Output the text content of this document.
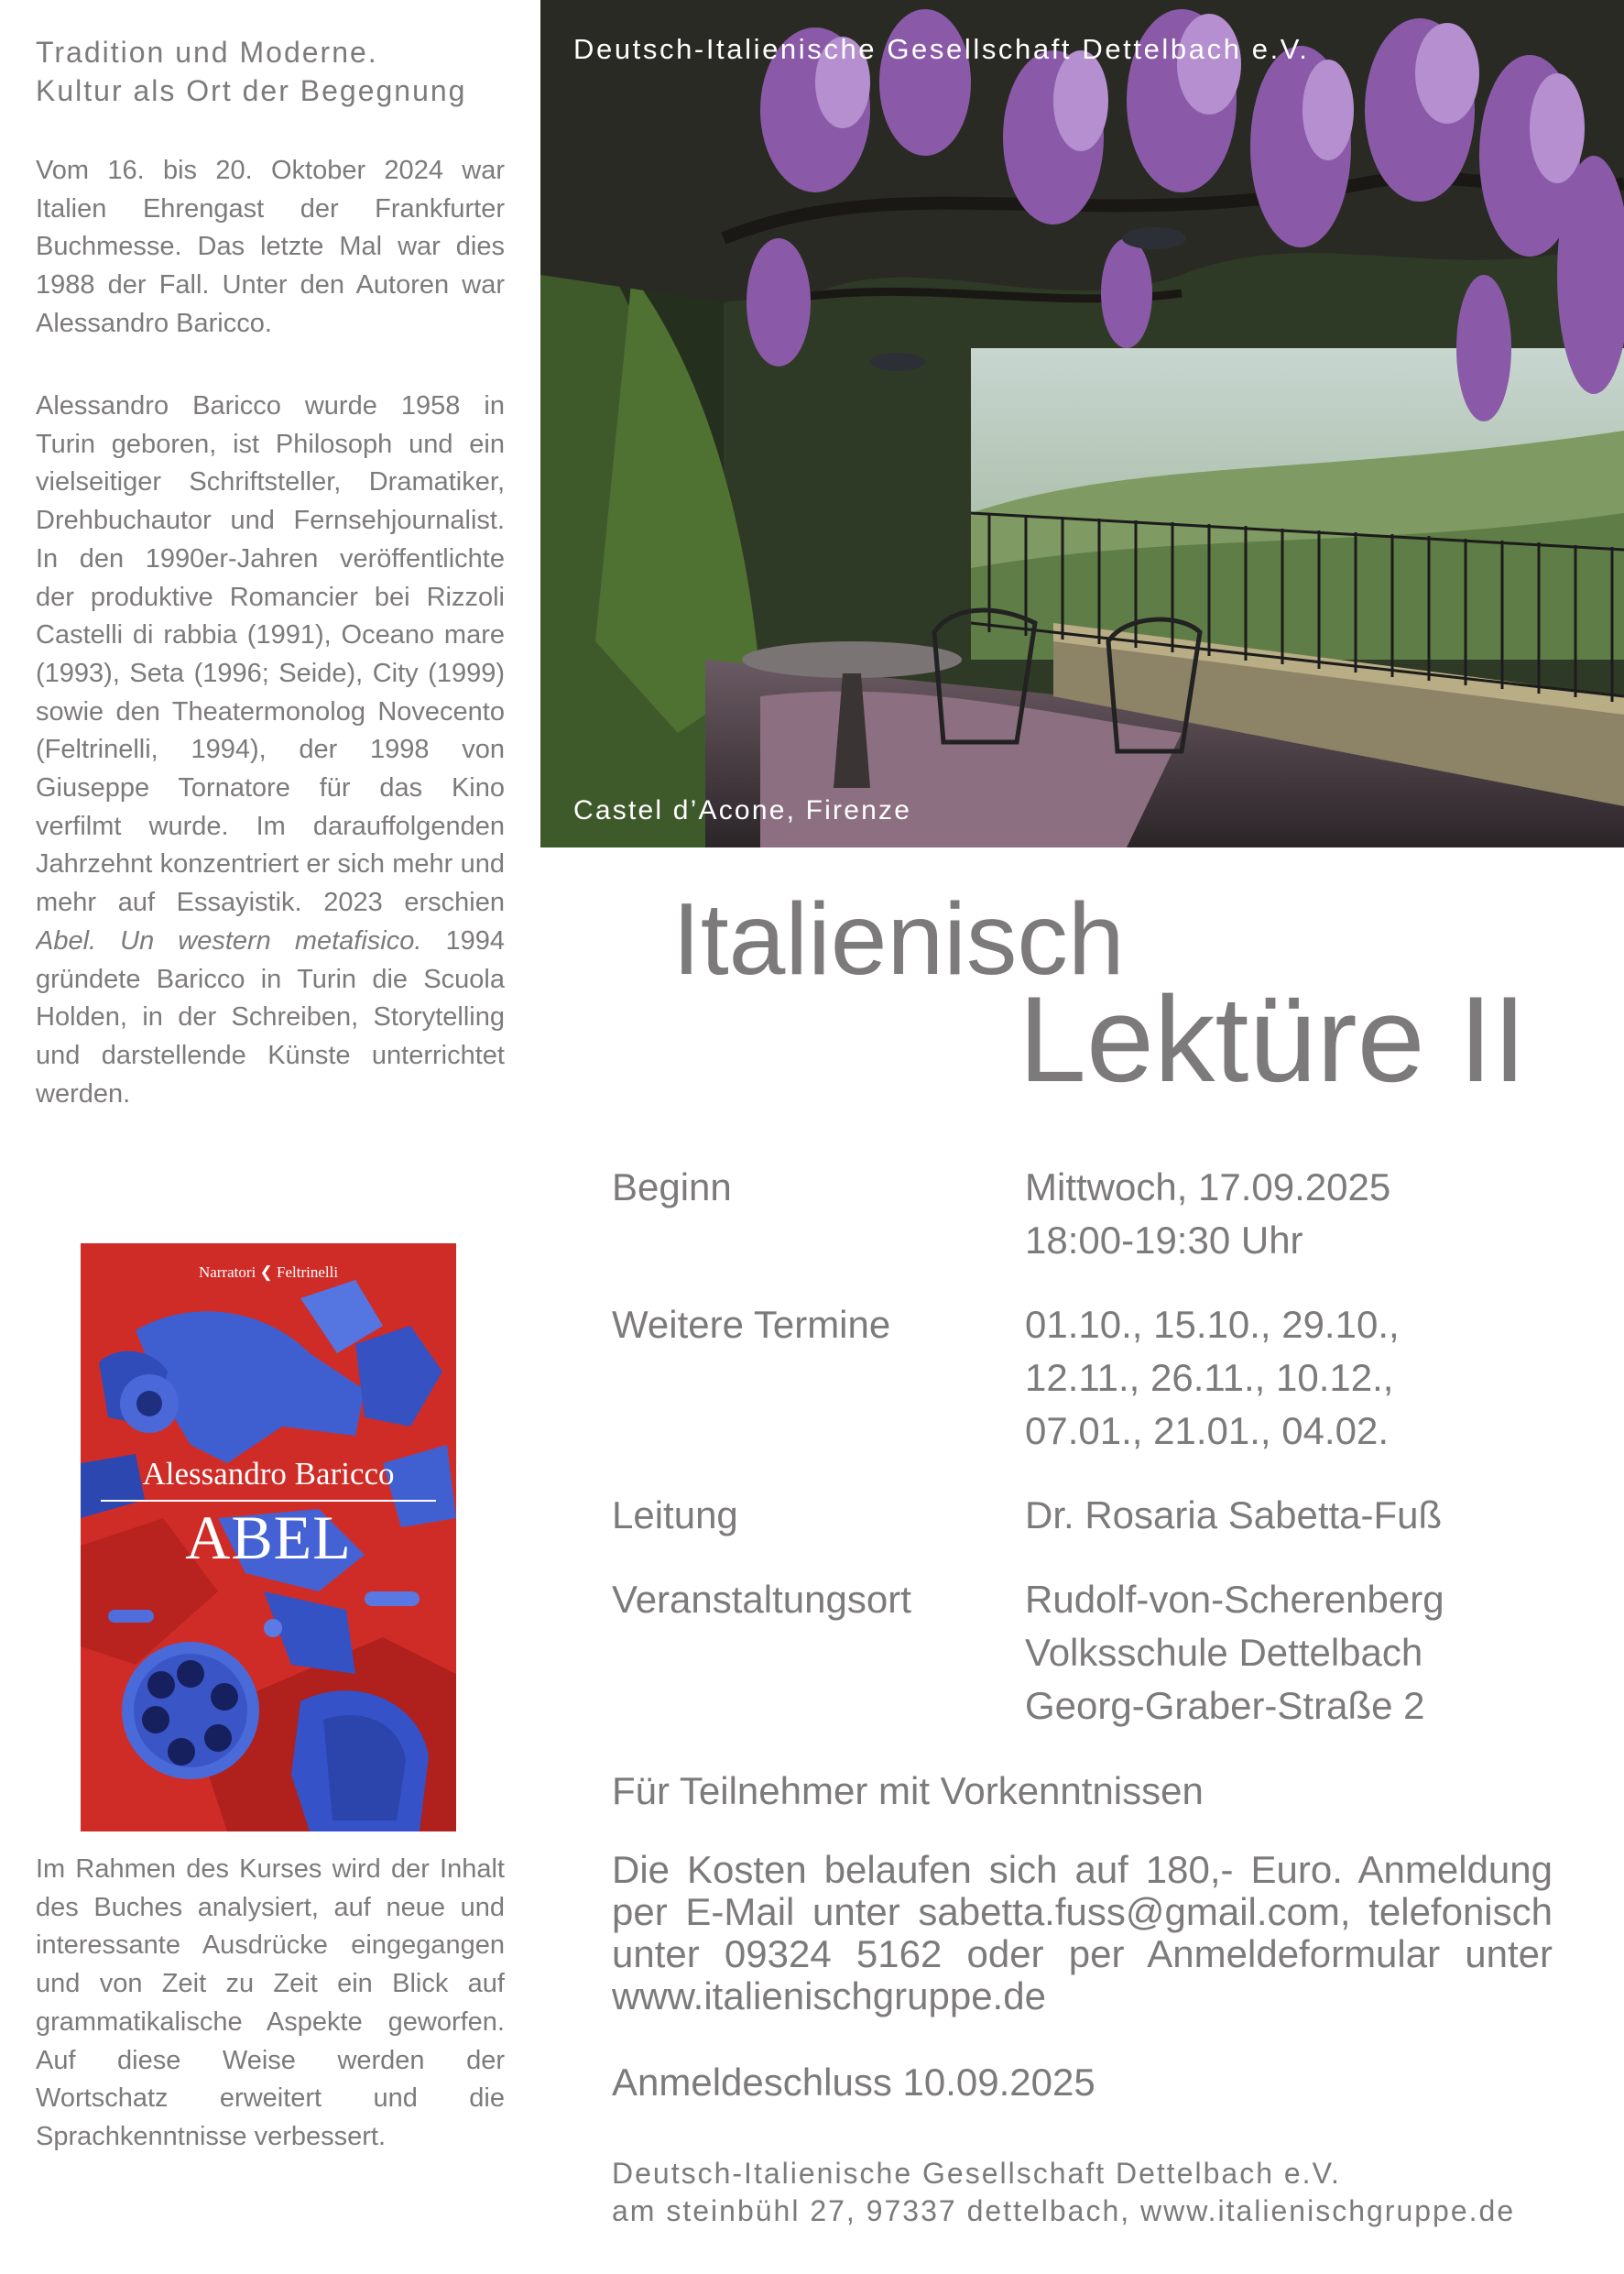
Tradition und Moderne.
Kultur als Ort der Begegnung

Vom 16. bis 20. Oktober 2024 war Italien Ehrengast der Frankfurter Buchmesse. Das letzte Mal war dies 1988 der Fall. Unter den Autoren war Alessandro Baricco.

Alessandro Baricco wurde 1958 in Turin geboren, ist Philosoph und ein vielseitiger Schriftsteller, Dramatiker, Drehbuchautor und Fernsehjournalist. In den 1990er-Jahren veröffentlichte der produktive Romancier bei Rizzoli Castelli di rabbia (1991), Oceano mare (1993), Seta (1996; Seide), City (1999) sowie den Theatermonolog Novecento (Feltrinelli, 1994), der 1998 von Giuseppe Tornatore für das Kino verfilmt wurde. Im darauffolgenden Jahrzehnt konzentriert er sich mehr und mehr auf Essayistik. 2023 erschien Abel. Un western metafisico. 1994 gründete Baricco in Turin die Scuola Holden, in der Schreiben, Storytelling und darstellende Künste unterrichtet werden.

Narratori ❮ Feltrinelli
Alessandro Baricco
ABEL

Im Rahmen des Kurses wird der Inhalt des Buches analysiert, auf neue und interessante Ausdrücke eingegangen und von Zeit zu Zeit ein Blick auf grammatikalische Aspekte geworfen. Auf diese Weise werden der Wortschatz erweitert und die Sprachkenntnisse verbessert.

Deutsch-Italienische Gesellschaft Dettelbach e.V.
Castel d’Acone, Firenze
Italienisch
Lektüre II
Beginn	Mittwoch, 17.09.2025
18:00-19:30 Uhr
Weitere Termine	01.10., 15.10., 29.10.,
12.11., 26.11., 10.12.,
07.01., 21.01., 04.02.
Leitung	Dr. Rosaria Sabetta-Fuß
Veranstaltungsort	Rudolf-von-Scherenberg
Volksschule Dettelbach
Georg-Graber-Straße 2
Für Teilnehmer mit Vorkenntnissen
Die Kosten belaufen sich auf 180,- Euro. Anmeldung per E-Mail unter sabetta.fuss@gmail.com, telefonisch unter 09324 5162 oder per Anmeldeformular unter www.italienischgruppe.de
Anmeldeschluss 10.09.2025
Deutsch-Italienische Gesellschaft Dettelbach e.V.
am steinbühl 27, 97337 dettelbach, www.italienischgruppe.de
